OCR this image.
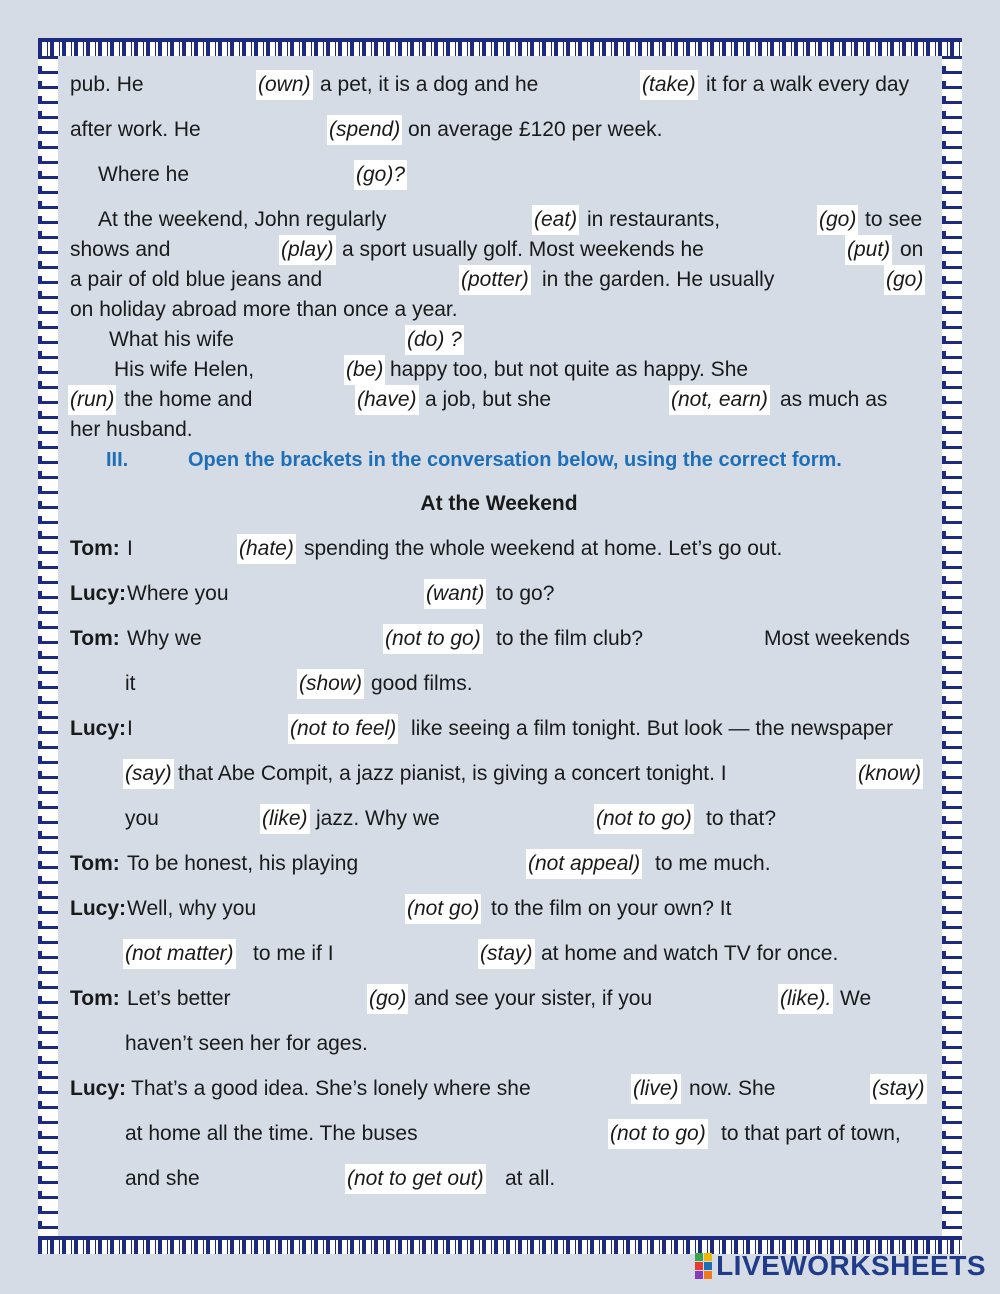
pub. He	(own) a pet, it is a dog and he	(take) it for a walk every day
after work. He	(spend) on average £120 per week.
Where he	(go)?
At the weekend, John regularly	(eat) in restaurants,	(go) to see
shows and	(play) a sport usually golf. Most weekends he	(put) on
a pair of old blue jeans and	(potter) in the garden. He usually	(go)
on holiday abroad more than once a year.
What his wife	(do) ?
His wife Helen,	(be) happy too, but not quite as happy. She
(run) the home and	(have) a job, but she	(not, earn) as much as
her husband.
III.	Open the brackets in the conversation below, using the correct form.
At the Weekend
Tom: I	(hate) spending the whole weekend at home. Let’s go out.
Lucy: Where you	(want) to go?
Tom: Why we	(not to go) to the film club?	Most weekends
it	(show) good films.
Lucy: I	(not to feel) like seeing a film tonight. But look — the newspaper
(say) that Abe Compit, a jazz pianist, is giving a concert tonight. I	(know)
you	(like) jazz. Why we	(not to go) to that?
Tom: To be honest, his playing	(not appeal) to me much.
Lucy: Well, why you	(not go) to the film on your own? It
(not matter) to me if I	(stay) at home and watch TV for once.
Tom: Let’s better	(go) and see your sister, if you	(like). We
haven’t seen her for ages.
Lucy: That’s a good idea. She’s lonely where she	(live) now. She	(stay)
at home all the time. The buses	(not to go) to that part of town,
and she	(not to get out) at all.
LIVEWORKSHEETS
